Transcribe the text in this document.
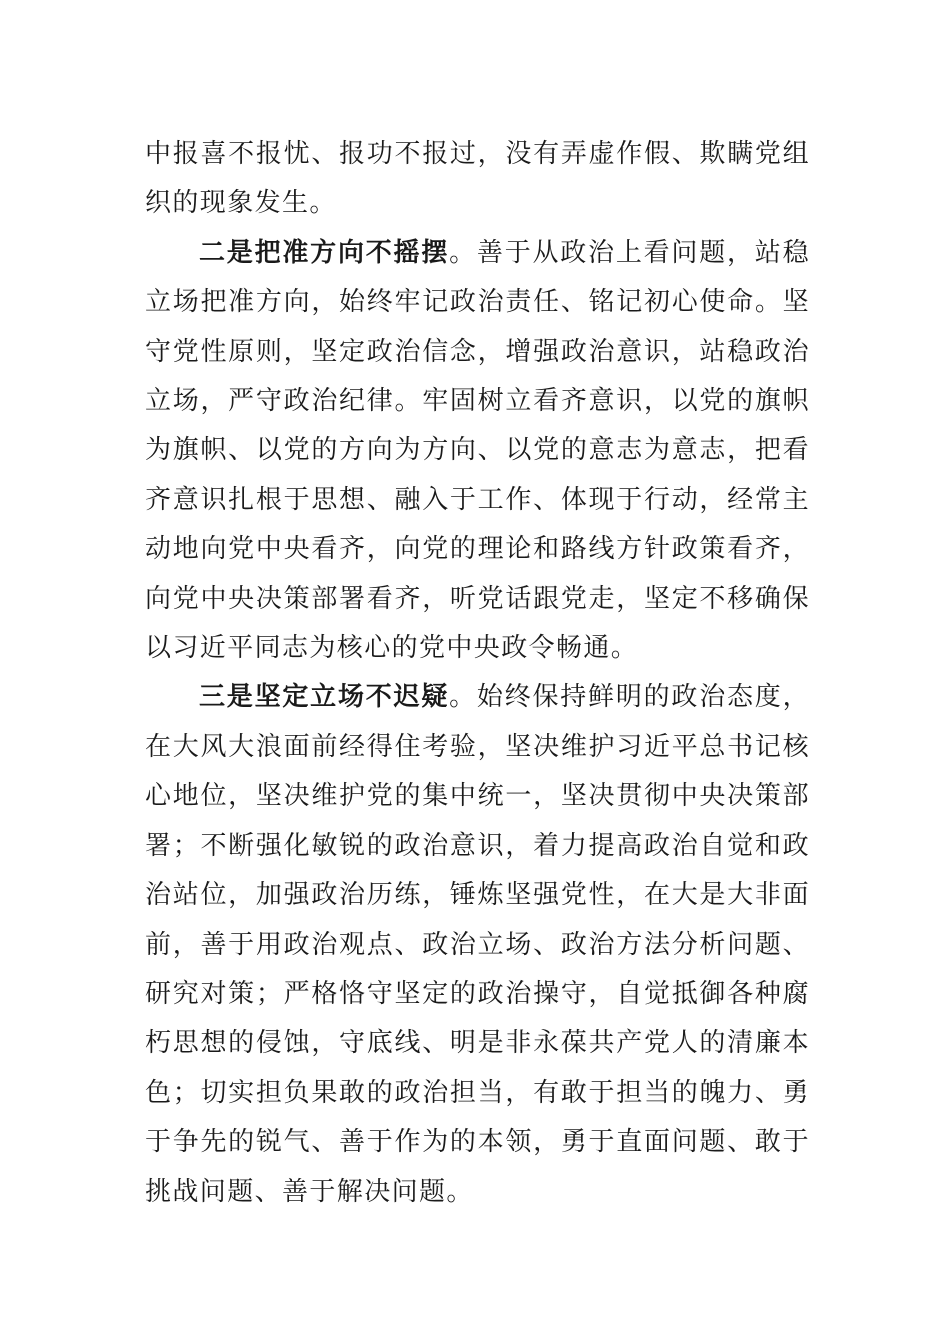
中报喜不报忧、报功不报过，没有弄虚作假、欺瞒党组织的现象发生。

二是把准方向不摇摆。善于从政治上看问题，站稳立场把准方向，始终牢记政治责任、铭记初心使命。坚守党性原则，坚定政治信念，增强政治意识，站稳政治立场，严守政治纪律。牢固树立看齐意识，以党的旗帜为旗帜、以党的方向为方向、以党的意志为意志，把看齐意识扎根于思想、融入于工作、体现于行动，经常主动地向党中央看齐，向党的理论和路线方针政策看齐，向党中央决策部署看齐，听党话跟党走，坚定不移确保以习近平同志为核心的党中央政令畅通。

三是坚定立场不迟疑。始终保持鲜明的政治态度，在大风大浪面前经得住考验，坚决维护习近平总书记核心地位，坚决维护党的集中统一，坚决贯彻中央决策部署；不断强化敏锐的政治意识，着力提高政治自觉和政治站位，加强政治历练，锤炼坚强党性，在大是大非面前，善于用政治观点、政治立场、政治方法分析问题、研究对策；严格恪守坚定的政治操守，自觉抵御各种腐朽思想的侵蚀，守底线、明是非永葆共产党人的清廉本色；切实担负果敢的政治担当，有敢于担当的魄力、勇于争先的锐气、善于作为的本领，勇于直面问题、敢于挑战问题、善于解决问题。
